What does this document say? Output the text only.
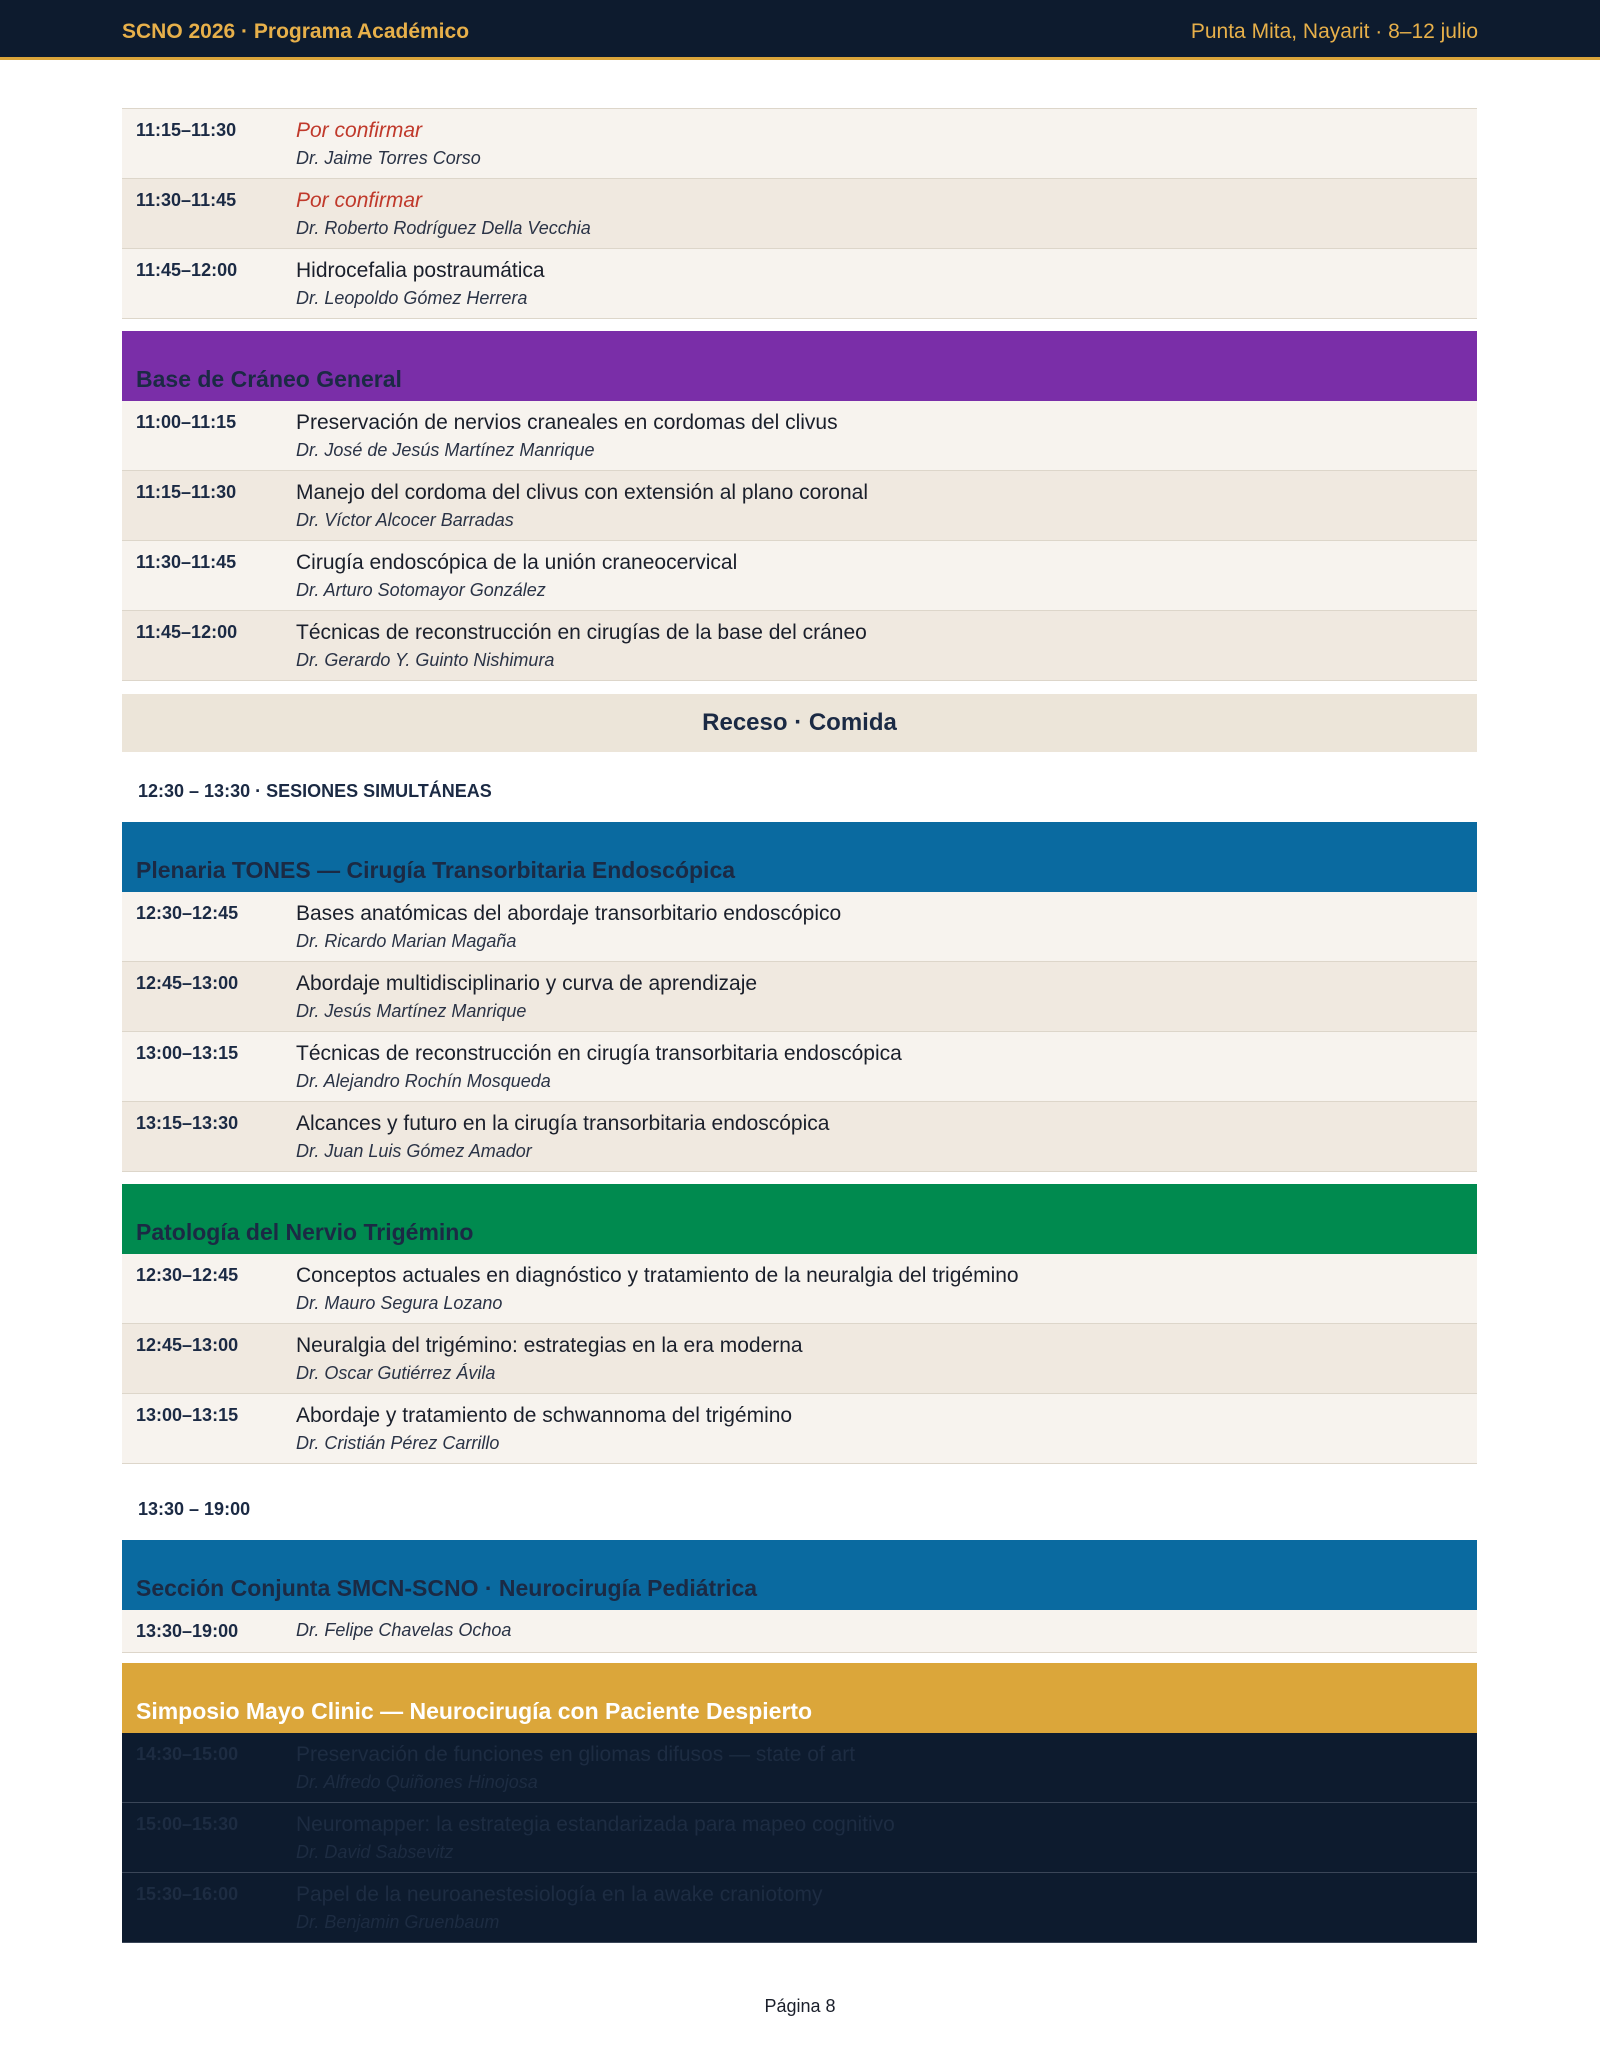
SCNO 2026 · Programa Académico	Punta Mita, Nayarit · 8–12 julio
11:15–11:30	Por confirmar
Dr. Jaime Torres Corso
11:30–11:45	Por confirmar
Dr. Roberto Rodríguez Della Vecchia
11:45–12:00	Hidrocefalia postraumática
Dr. Leopoldo Gómez Herrera
Base de Cráneo General
11:00–11:15	Preservación de nervios craneales en cordomas del clivus
Dr. José de Jesús Martínez Manrique
11:15–11:30	Manejo del cordoma del clivus con extensión al plano coronal
Dr. Víctor Alcocer Barradas
11:30–11:45	Cirugía endoscópica de la unión craneocervical
Dr. Arturo Sotomayor González
11:45–12:00	Técnicas de reconstrucción en cirugías de la base del cráneo
Dr. Gerardo Y. Guinto Nishimura
Receso · Comida
12:30 – 13:30 · SESIONES SIMULTÁNEAS
Plenaria TONES — Cirugía Transorbitaria Endoscópica
12:30–12:45	Bases anatómicas del abordaje transorbitario endoscópico
Dr. Ricardo Marian Magaña
12:45–13:00	Abordaje multidisciplinario y curva de aprendizaje
Dr. Jesús Martínez Manrique
13:00–13:15	Técnicas de reconstrucción en cirugía transorbitaria endoscópica
Dr. Alejandro Rochín Mosqueda
13:15–13:30	Alcances y futuro en la cirugía transorbitaria endoscópica
Dr. Juan Luis Gómez Amador
Patología del Nervio Trigémino
12:30–12:45	Conceptos actuales en diagnóstico y tratamiento de la neuralgia del trigémino
Dr. Mauro Segura Lozano
12:45–13:00	Neuralgia del trigémino: estrategias en la era moderna
Dr. Oscar Gutiérrez Ávila
13:00–13:15	Abordaje y tratamiento de schwannoma del trigémino
Dr. Cristián Pérez Carrillo
13:30 – 19:00
Sección Conjunta SMCN-SCNO · Neurocirugía Pediátrica
13:30–19:00	Dr. Felipe Chavelas Ochoa
Simposio Mayo Clinic — Neurocirugía con Paciente Despierto
14:30–15:00	Preservación de funciones en gliomas difusos — state of art
Dr. Alfredo Quiñones Hinojosa
15:00–15:30	Neuromapper: la estrategia estandarizada para mapeo cognitivo
Dr. David Sabsevitz
15:30–16:00	Papel de la neuroanestesiología en la awake craniotomy
Dr. Benjamin Gruenbaum
Página 8
